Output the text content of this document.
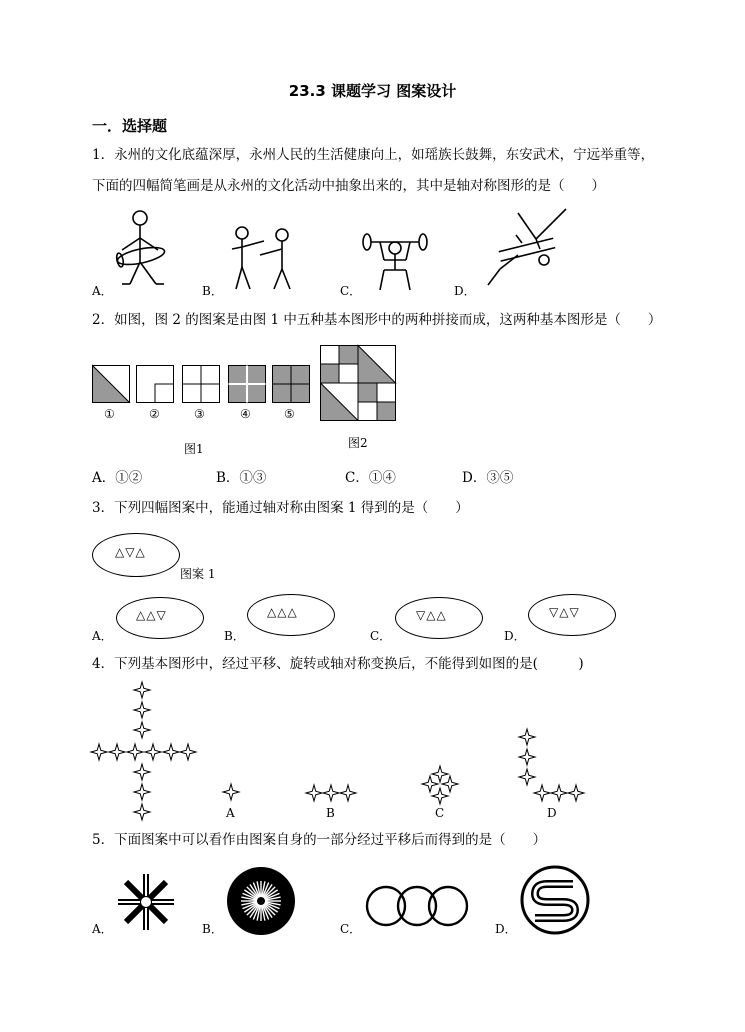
23.3 课题学习 图案设计
一．选择题
1．永州的文化底蕴深厚，永州人民的生活健康向上，如瑶族长鼓舞，东安武术，宁远举重等，
下面的四幅简笔画是从永州的文化活动中抽象出来的，其中是轴对称图形的是（　　）
A．	B．	C．	D．
2．如图，图 2 的图案是由图 1 中五种基本图形中的两种拼接而成，这两种基本图形是（　　）
①	②	③	④	⑤
图1	图2
A．①②	B．①③	C．①④	D．③⑤
3．下列四幅图案中，能通过轴对称由图案 1 得到的是（　　）
△▽△
图案 1
A．
△△▽
B．
△△△
C．
▽△△
D．
▽△▽
4．下列基本图形中，经过平移、旋转或轴对称变换后，不能得到如图的是(　　　)
A	B	C	D
5．下面图案中可以看作由图案自身的一部分经过平移后而得到的是（　　）
A．	B．	C．	D．
